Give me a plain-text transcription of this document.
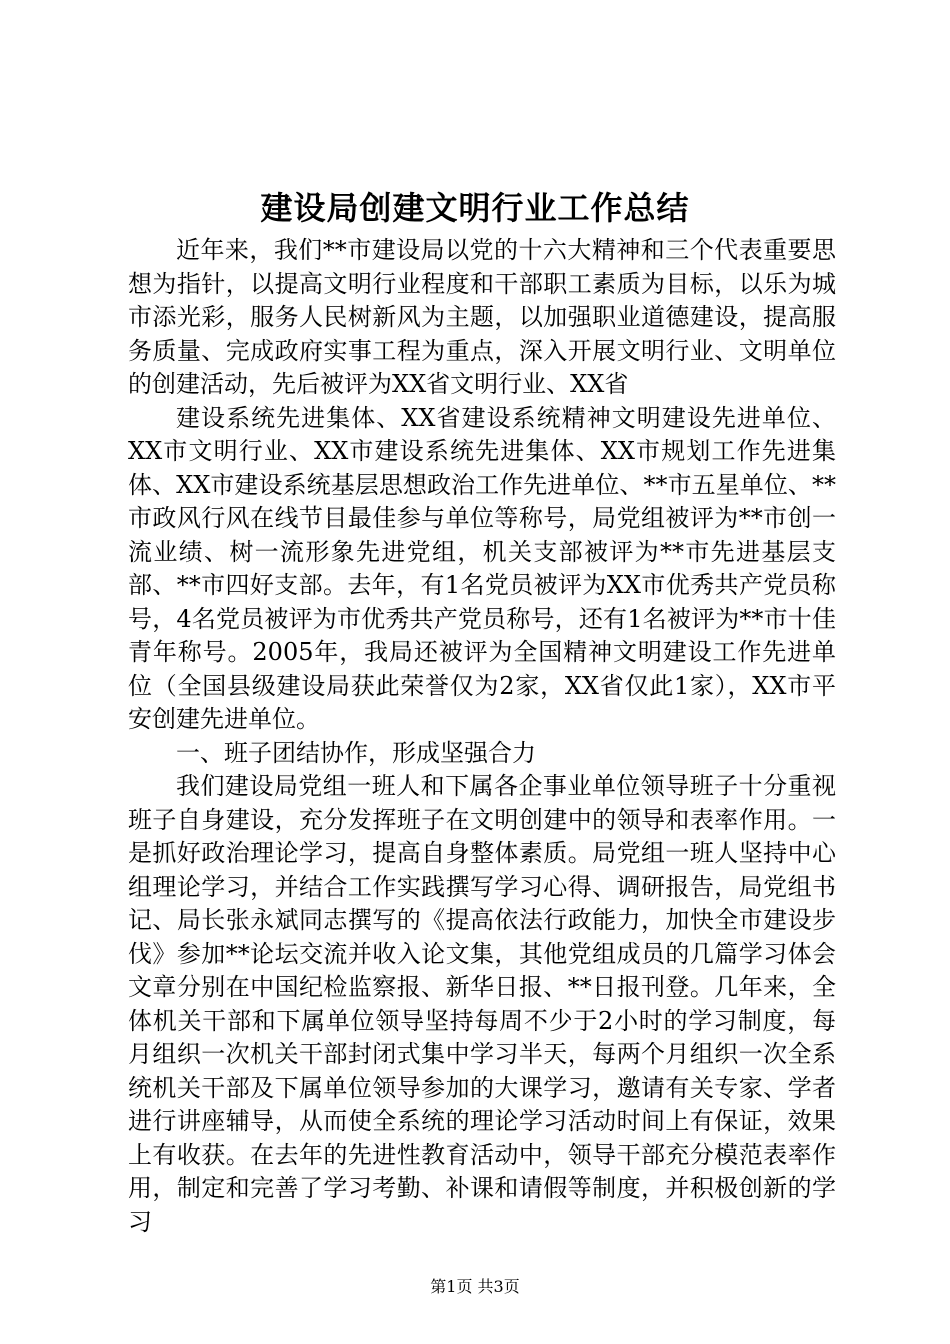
建设局创建文明行业工作总结

近年来，我们**市建设局以党的十六大精神和三个代表重要思想为指针，以提高文明行业程度和干部职工素质为目标，以乐为城市添光彩，服务人民树新风为主题，以加强职业道德建设，提高服务质量、完成政府实事工程为重点，深入开展文明行业、文明单位的创建活动，先后被评为XX省文明行业、XX省

建设系统先进集体、XX省建设系统精神文明建设先进单位、XX市文明行业、XX市建设系统先进集体、XX市规划工作先进集体、XX市建设系统基层思想政治工作先进单位、**市五星单位、**市政风行风在线节目最佳参与单位等称号，局党组被评为**市创一流业绩、树一流形象先进党组，机关支部被评为**市先进基层支部、**市四好支部。去年，有1名党员被评为XX市优秀共产党员称号，4名党员被评为市优秀共产党员称号，还有1名被评为**市十佳青年称号。2005年，我局还被评为全国精神文明建设工作先进单位（全国县级建设局获此荣誉仅为2家，XX省仅此1家），XX市平安创建先进单位。

一、班子团结协作，形成坚强合力

我们建设局党组一班人和下属各企事业单位领导班子十分重视班子自身建设，充分发挥班子在文明创建中的领导和表率作用。一是抓好政治理论学习，提高自身整体素质。局党组一班人坚持中心组理论学习，并结合工作实践撰写学习心得、调研报告，局党组书记、局长张永斌同志撰写的《提高依法行政能力，加快全市建设步伐》参加**论坛交流并收入论文集，其他党组成员的几篇学习体会文章分别在中国纪检监察报、新华日报、**日报刊登。几年来，全体机关干部和下属单位领导坚持每周不少于2小时的学习制度，每月组织一次机关干部封闭式集中学习半天，每两个月组织一次全系统机关干部及下属单位领导参加的大课学习，邀请有关专家、学者进行讲座辅导，从而使全系统的理论学习活动时间上有保证，效果上有收获。在去年的先进性教育活动中，领导干部充分模范表率作用，制定和完善了学习考勤、补课和请假等制度，并积极创新的学习

第1页 共3页
